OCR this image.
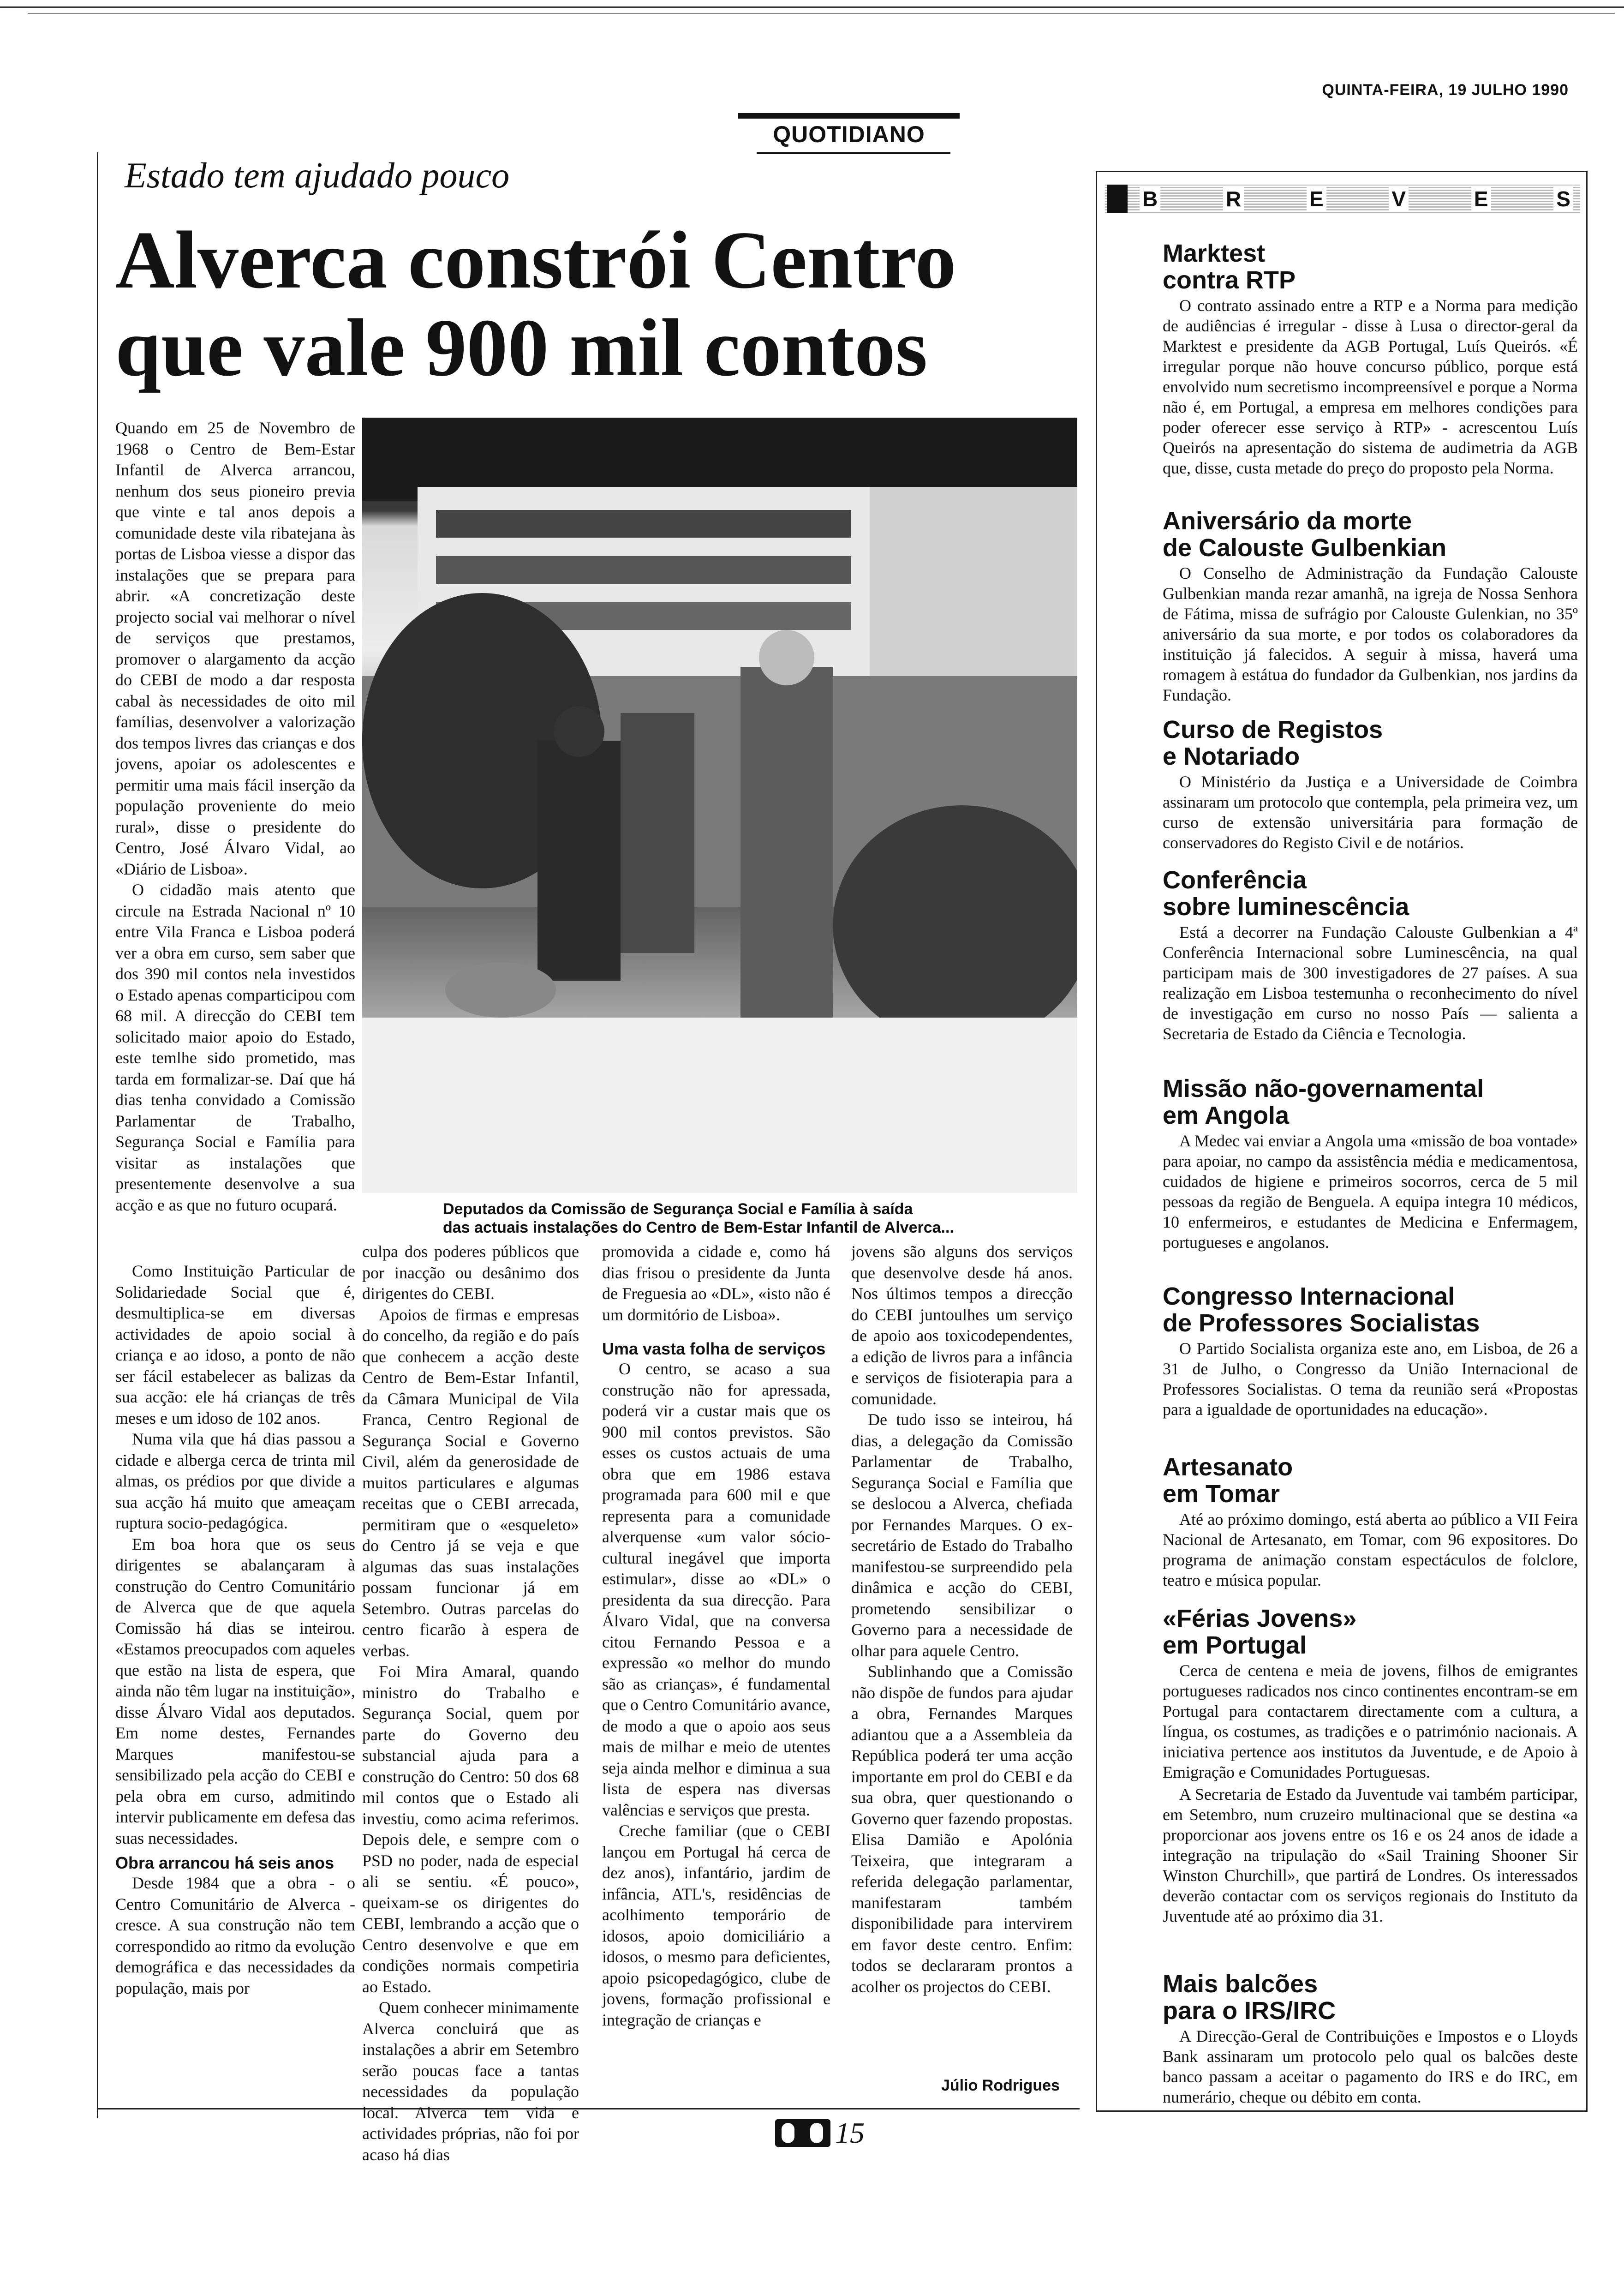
QUINTA-FEIRA, 19 JULHO 1990
QUOTIDIANO
Estado tem ajudado pouco
Alverca constrói Centro
que vale 900 mil contos

Quando em 25 de Novembro de 1968 o Centro de Bem-Estar Infantil de Alverca arrancou, nenhum dos seus pioneiro previa que vinte e tal anos depois a comunidade deste vila ribatejana às portas de Lisboa viesse a dispor das instalações que se prepara para abrir. «A concretização deste projecto social vai melhorar o nível de serviços que prestamos, promover o alargamento da acção do CEBI de modo a dar resposta cabal às necessidades de oito mil famílias, desenvolver a valorização dos tempos livres das crianças e dos jovens, apoiar os adolescentes e permitir uma mais fácil inserção da população proveniente do meio rural», disse o presidente do Centro, José Álvaro Vidal, ao «Diário de Lisboa».

O cidadão mais atento que circule na Estrada Nacional nº 10 entre Vila Franca e Lisboa poderá ver a obra em curso, sem saber que dos 390 mil contos nela investidos o Estado apenas comparticipou com 68 mil. A direcção do CEBI tem solicitado maior apoio do Estado, este temlhe sido prometido, mas tarda em formalizar-se. Daí que há dias tenha convidado a Comissão Parlamentar de Trabalho, Segurança Social e Família para visitar as instalações que presentemente desenvolve a sua acção e as que no futuro ocupará.

Como Instituição Particular de Solidariedade Social que é, desmultiplica-se em diversas actividades de apoio social à criança e ao idoso, a ponto de não ser fácil estabelecer as balizas da sua acção: ele há crianças de três meses e um idoso de 102 anos.

Numa vila que há dias passou a cidade e alberga cerca de trinta mil almas, os prédios por que divide a sua acção há muito que ameaçam ruptura socio-pedagógica.

Em boa hora que os seus dirigentes se abalançaram à construção do Centro Comunitário de Alverca que de que aquela Comissão há dias se inteirou. «Estamos preocupados com aqueles que estão na lista de espera, que ainda não têm lugar na instituição», disse Álvaro Vidal aos deputados. Em nome destes, Fernandes Marques manifestou-se sensibilizado pela acção do CEBI e pela obra em curso, admitindo intervir publicamente em defesa das suas necessidades.

Obra arrancou há seis anos

Desde 1984 que a obra - o Centro Comunitário de Alverca - cresce. A sua construção não tem correspondido ao ritmo da evolução demográfica e das necessidades da população, mais por

Deputados da Comissão de Segurança Social e Família à saída
das actuais instalações do Centro de Bem-Estar Infantil de Alverca...

culpa dos poderes públicos que por inacção ou desânimo dos dirigentes do CEBI.

Apoios de firmas e empresas do concelho, da região e do país que conhecem a acção deste Centro de Bem-Estar Infantil, da Câmara Municipal de Vila Franca, Centro Regional de Segurança Social e Governo Civil, além da generosidade de muitos particulares e algumas receitas que o CEBI arrecada, permitiram que o «esqueleto» do Centro já se veja e que algumas das suas instalações possam funcionar já em Setembro. Outras parcelas do centro ficarão à espera de verbas.

Foi Mira Amaral, quando ministro do Trabalho e Segurança Social, quem por parte do Governo deu substancial ajuda para a construção do Centro: 50 dos 68 mil contos que o Estado ali investiu, como acima referimos. Depois dele, e sempre com o PSD no poder, nada de especial ali se sentiu. «É pouco», queixam-se os dirigentes do CEBI, lembrando a acção que o Centro desenvolve e que em condições normais competiria ao Estado.

Quem conhecer minimamente Alverca concluirá que as instalações a abrir em Setembro serão poucas face a tantas necessidades da população local. Alverca tem vida e actividades próprias, não foi por acaso há dias

promovida a cidade e, como há dias frisou o presidente da Junta de Freguesia ao «DL», «isto não é um dormitório de Lisboa».

Uma vasta folha de serviços

O centro, se acaso a sua construção não for apressada, poderá vir a custar mais que os 900 mil contos previstos. São esses os custos actuais de uma obra que em 1986 estava programada para 600 mil e que representa para a comunidade alverquense «um valor sócio-cultural inegável que importa estimular», disse ao «DL» o presidenta da sua direcção. Para Álvaro Vidal, que na conversa citou Fernando Pessoa e a expressão «o melhor do mundo são as crianças», é fundamental que o Centro Comunitário avance, de modo a que o apoio aos seus mais de milhar e meio de utentes seja ainda melhor e diminua a sua lista de espera nas diversas valências e serviços que presta.

Creche familiar (que o CEBI lançou em Portugal há cerca de dez anos), infantário, jardim de infância, ATL's, residências de acolhimento temporário de idosos, apoio domiciliário a idosos, o mesmo para deficientes, apoio psicopedagógico, clube de jovens, formação profissional e integração de crianças e

jovens são alguns dos serviços que desenvolve desde há anos. Nos últimos tempos a direcção do CEBI juntoulhes um serviço de apoio aos toxicodependentes, a edição de livros para a infância e serviços de fisioterapia para a comunidade.

De tudo isso se inteirou, há dias, a delegação da Comissão Parlamentar de Trabalho, Segurança Social e Família que se deslocou a Alverca, chefiada por Fernandes Marques. O ex-secretário de Estado do Trabalho manifestou-se surpreendido pela dinâmica e acção do CEBI, prometendo sensibilizar o Governo para a necessidade de olhar para aquele Centro.

Sublinhando que a Comissão não dispõe de fundos para ajudar a obra, Fernandes Marques adiantou que a a Assembleia da República poderá ter uma acção importante em prol do CEBI e da sua obra, quer questionando o Governo quer fazendo propostas. Elisa Damião e Apolónia Teixeira, que integraram a referida delegação parlamentar, manifestaram também disponibilidade para intervirem em favor deste centro. Enfim: todos se declararam prontos a acolher os projectos do CEBI.

Júlio Rodrigues
15
B	R	E	V	E	S
Marktest
contra RTP

O contrato assinado entre a RTP e a Norma para medição de audiências é irregular - disse à Lusa o director-geral da Marktest e presidente da AGB Portugal, Luís Queirós. «É irregular porque não houve concurso público, porque está envolvido num secretismo incompreensível e porque a Norma não é, em Portugal, a empresa em melhores condições para poder oferecer esse serviço à RTP» - acrescentou Luís Queirós na apresentação do sistema de audimetria da AGB que, disse, custa metade do preço do proposto pela Norma.

Aniversário da morte
de Calouste Gulbenkian

O Conselho de Administração da Fundação Calouste Gulbenkian manda rezar amanhã, na igreja de Nossa Senhora de Fátima, missa de sufrágio por Calouste Gulenkian, no 35º aniversário da sua morte, e por todos os colaboradores da instituição já falecidos. A seguir à missa, haverá uma romagem à estátua do fundador da Gulbenkian, nos jardins da Fundação.

Curso de Registos
e Notariado

O Ministério da Justiça e a Universidade de Coimbra assinaram um protocolo que contempla, pela primeira vez, um curso de extensão universitária para formação de conservadores do Registo Civil e de notários.

Conferência
sobre luminescência

Está a decorrer na Fundação Calouste Gulbenkian a 4ª Conferência Internacional sobre Luminescência, na qual participam mais de 300 investigadores de 27 países. A sua realização em Lisboa testemunha o reconhecimento do nível de investigação em curso no nosso País — salienta a Secretaria de Estado da Ciência e Tecnologia.

Missão não-governamental
em Angola

A Medec vai enviar a Angola uma «missão de boa vontade» para apoiar, no campo da assistência média e medicamentosa, cuidados de higiene e primeiros socorros, cerca de 5 mil pessoas da região de Benguela. A equipa integra 10 médicos, 10 enfermeiros, e estudantes de Medicina e Enfermagem, portugueses e angolanos.

Congresso Internacional
de Professores Socialistas

O Partido Socialista organiza este ano, em Lisboa, de 26 a 31 de Julho, o Congresso da União Internacional de Professores Socialistas. O tema da reunião será «Propostas para a igualdade de oportunidades na educação».

Artesanato
em Tomar

Até ao próximo domingo, está aberta ao público a VII Feira Nacional de Artesanato, em Tomar, com 96 expositores. Do programa de animação constam espectáculos de folclore, teatro e música popular.

«Férias Jovens»
em Portugal

Cerca de centena e meia de jovens, filhos de emigrantes portugueses radicados nos cinco continentes encontram-se em Portugal para contactarem directamente com a cultura, a língua, os costumes, as tradições e o património nacionais. A iniciativa pertence aos institutos da Juventude, e de Apoio à Emigração e Comunidades Portuguesas.

A Secretaria de Estado da Juventude vai também participar, em Setembro, num cruzeiro multinacional que se destina «a proporcionar aos jovens entre os 16 e os 24 anos de idade a integração na tripulação do «Sail Training Shooner Sir Winston Churchill», que partirá de Londres. Os interessados deverão contactar com os serviços regionais do Instituto da Juventude até ao próximo dia 31.

Mais balcões
para o IRS/IRC

A Direcção-Geral de Contribuições e Impostos e o Lloyds Bank assinaram um protocolo pelo qual os balcões deste banco passam a aceitar o pagamento do IRS e do IRC, em numerário, cheque ou débito em conta.
